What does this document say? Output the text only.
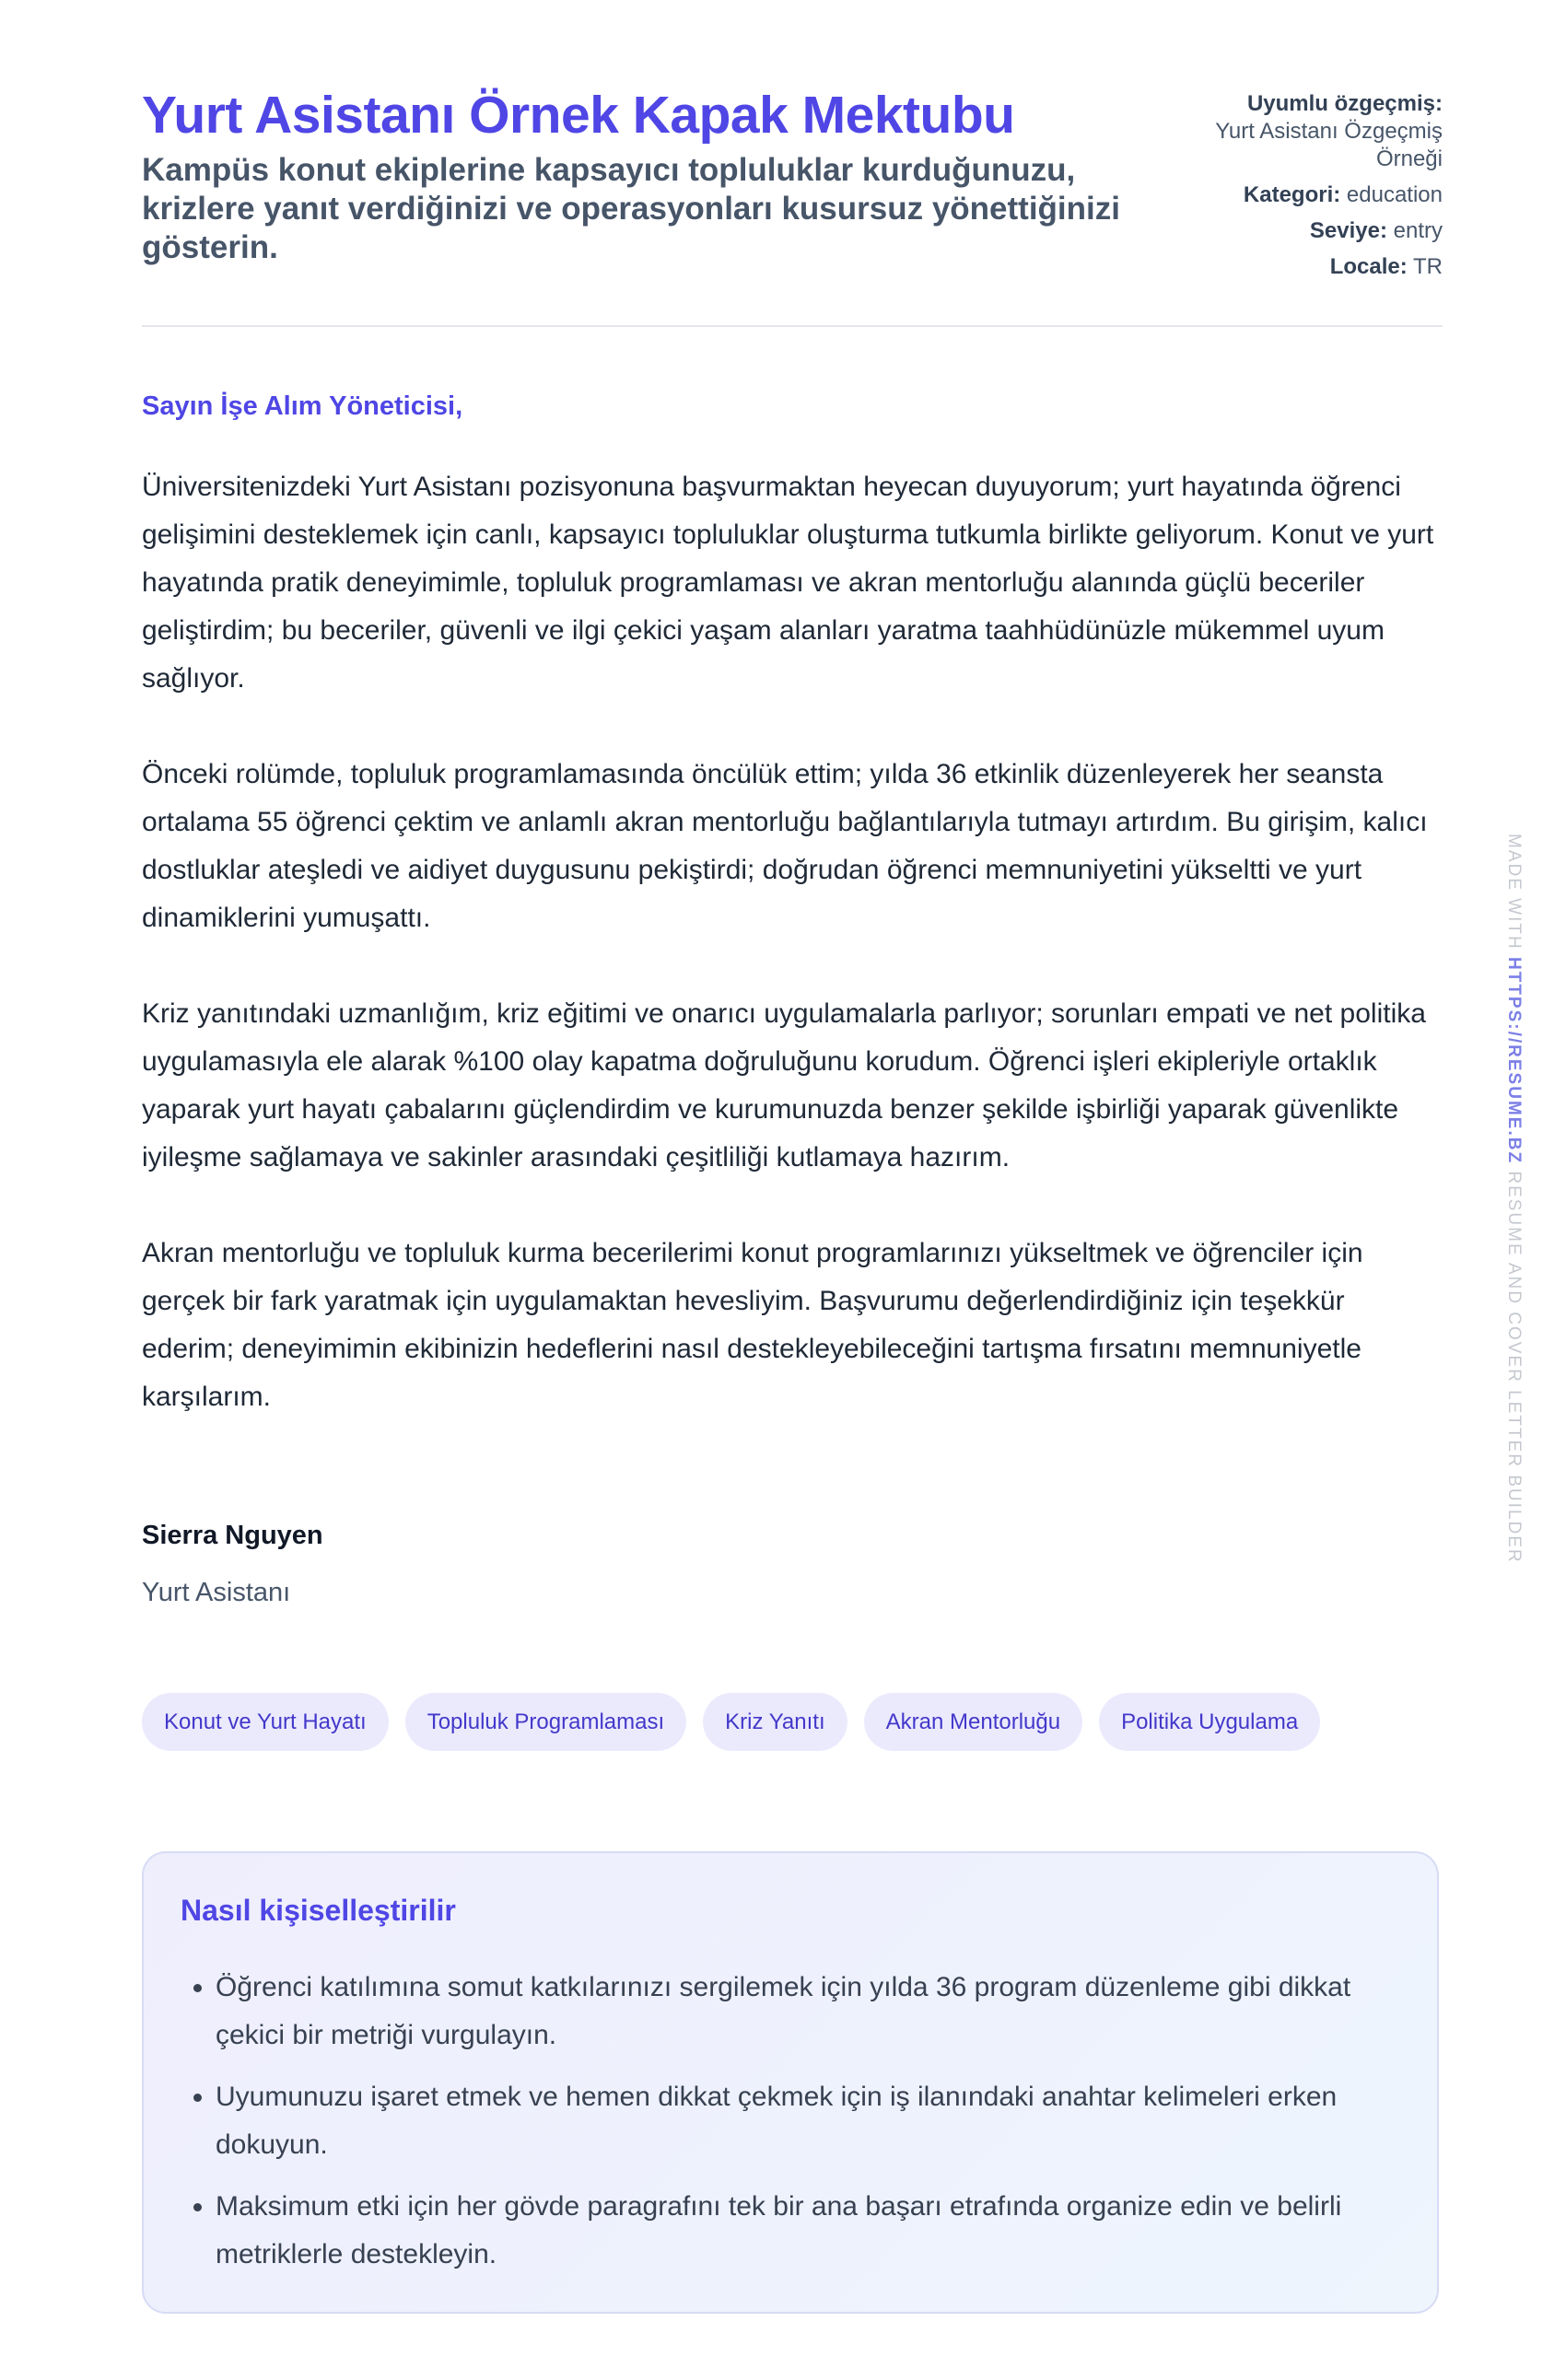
Yurt Asistanı Örnek Kapak Mektubu

Kampüs konut ekiplerine kapsayıcı topluluklar kurduğunuzu, krizlere yanıt verdiğinizi ve operasyonları kusursuz yönettiğinizi gösterin.

Uyumlu özgeçmiş:
Yurt Asistanı Özgeçmiş Örneği
Kategori: education
Seviye: entry
Locale: TR
Sayın İşe Alım Yöneticisi,

Üniversitenizdeki Yurt Asistanı pozisyonuna başvurmaktan heyecan duyuyorum; yurt hayatında öğrenci gelişimini desteklemek için canlı, kapsayıcı topluluklar oluşturma tutkumla birlikte geliyorum. Konut ve yurt hayatında pratik deneyimimle, topluluk programlaması ve akran mentorluğu alanında güçlü beceriler geliştirdim; bu beceriler, güvenli ve ilgi çekici yaşam alanları yaratma taahhüdünüzle mükemmel uyum sağlıyor.

Önceki rolümde, topluluk programlamasında öncülük ettim; yılda 36 etkinlik düzenleyerek her seansta ortalama 55 öğrenci çektim ve anlamlı akran mentorluğu bağlantılarıyla tutmayı artırdım. Bu girişim, kalıcı dostluklar ateşledi ve aidiyet duygusunu pekiştirdi; doğrudan öğrenci memnuniyetini yükseltti ve yurt dinamiklerini yumuşattı.

Kriz yanıtındaki uzmanlığım, kriz eğitimi ve onarıcı uygulamalarla parlıyor; sorunları empati ve net politika uygulamasıyla ele alarak %100 olay kapatma doğruluğunu korudum. Öğrenci işleri ekipleriyle ortaklık yaparak yurt hayatı çabalarını güçlendirdim ve kurumunuzda benzer şekilde işbirliği yaparak güvenlikte iyileşme sağlamaya ve sakinler arasındaki çeşitliliği kutlamaya hazırım.

Akran mentorluğu ve topluluk kurma becerilerimi konut programlarınızı yükseltmek ve öğrenciler için gerçek bir fark yaratmak için uygulamaktan hevesliyim. Başvurumu değerlendirdiğiniz için teşekkür ederim; deneyimimin ekibinizin hedeflerini nasıl destekleyebileceğini tartışma fırsatını memnuniyetle karşılarım.

Sierra Nguyen
Yurt Asistanı
Konut ve Yurt Hayatı	Topluluk Programlaması	Kriz Yanıtı	Akran Mentorluğu	Politika Uygulama
Nasıl kişiselleştirilir
• Öğrenci katılımına somut katkılarınızı sergilemek için yılda 36 program düzenleme gibi dikkat çekici bir metriği vurgulayın.
• Uyumunuzu işaret etmek ve hemen dikkat çekmek için iş ilanındaki anahtar kelimeleri erken dokuyun.
• Maksimum etki için her gövde paragrafını tek bir ana başarı etrafında organize edin ve belirli metriklerle destekleyin.
MADE WITH HTTPS://RESUME.BZ RESUME AND COVER LETTER BUILDER
